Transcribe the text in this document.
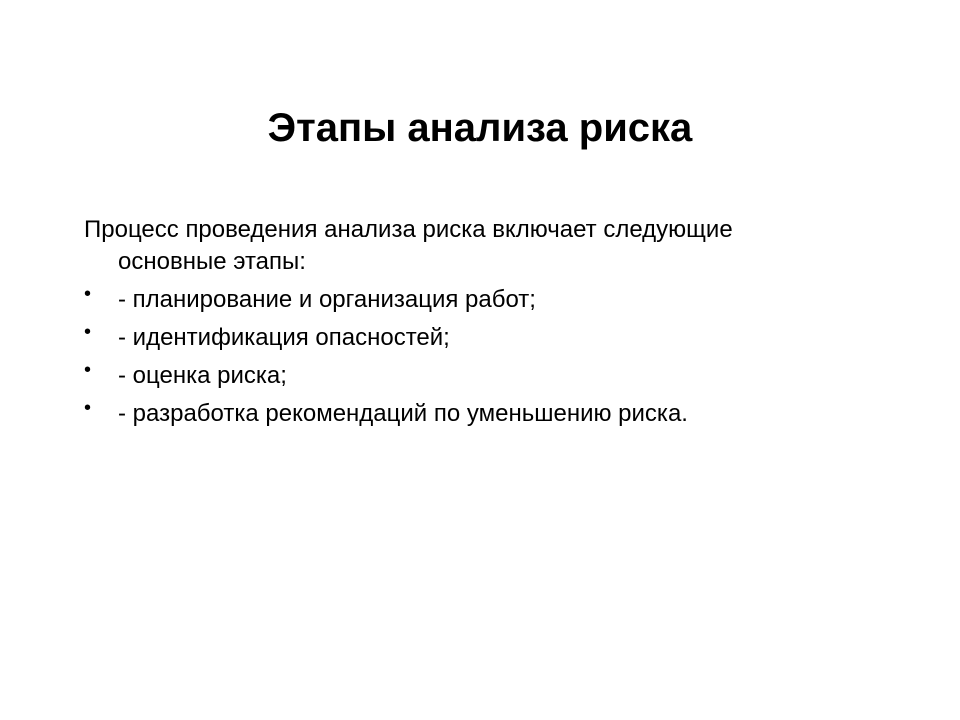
Этапы анализа риска

Процесс проведения анализа риска включает следующие основные этапы:

• - планирование и организация работ;
• - идентификация опасностей;
• - оценка риска;
• - разработка рекомендаций по уменьшению риска.
